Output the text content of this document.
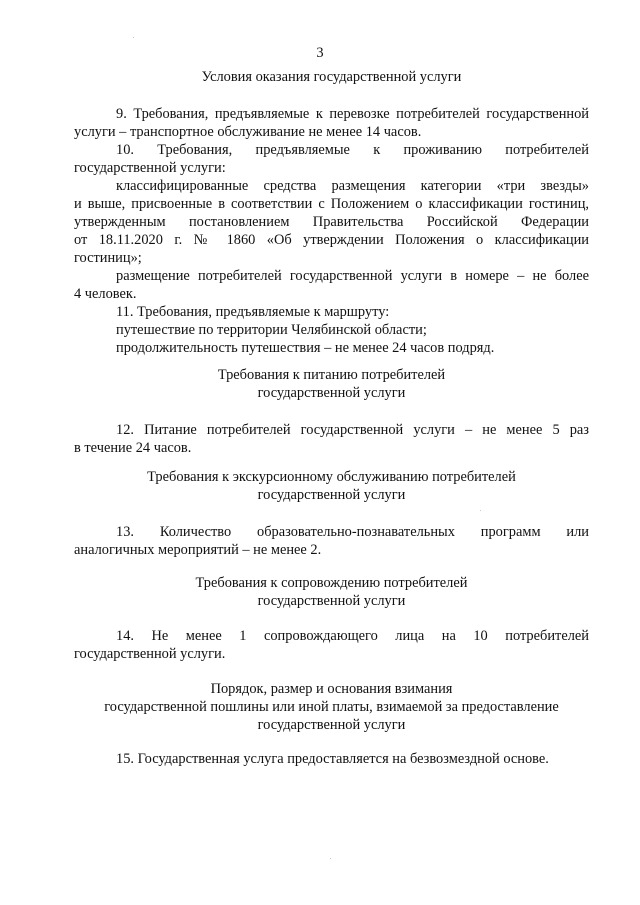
3
Условия оказания государственной услуги
9. Требования, предъявляемые к перевозке потребителей государственной
услуги – транспортное обслуживание не менее 14 часов.
10. Требования, предъявляемые к проживанию потребителей
государственной услуги:
классифицированные средства размещения категории «три звезды»
и выше, присвоенные в соответствии с Положением о классификации гостиниц,
утвержденным постановлением Правительства Российской Федерации
от 18.11.2020 г. № 1860 «Об утверждении Положения о классификации
гостиниц»;
размещение потребителей государственной услуги в номере – не более
4 человек.
11. Требования, предъявляемые к маршруту:
путешествие по территории Челябинской области;
продолжительность путешествия – не менее 24 часов подряд.
Требования к питанию потребителей
государственной услуги
12. Питание потребителей государственной услуги – не менее 5 раз
в течение 24 часов.
Требования к экскурсионному обслуживанию потребителей
государственной услуги
13. Количество образовательно-познавательных программ или
аналогичных мероприятий – не менее 2.
Требования к сопровождению потребителей
государственной услуги
14. Не менее 1 сопровождающего лица на 10 потребителей
государственной услуги.
Порядок, размер и основания взимания
государственной пошлины или иной платы, взимаемой за предоставление
государственной услуги
15. Государственная услуга предоставляется на безвозмездной основе.
